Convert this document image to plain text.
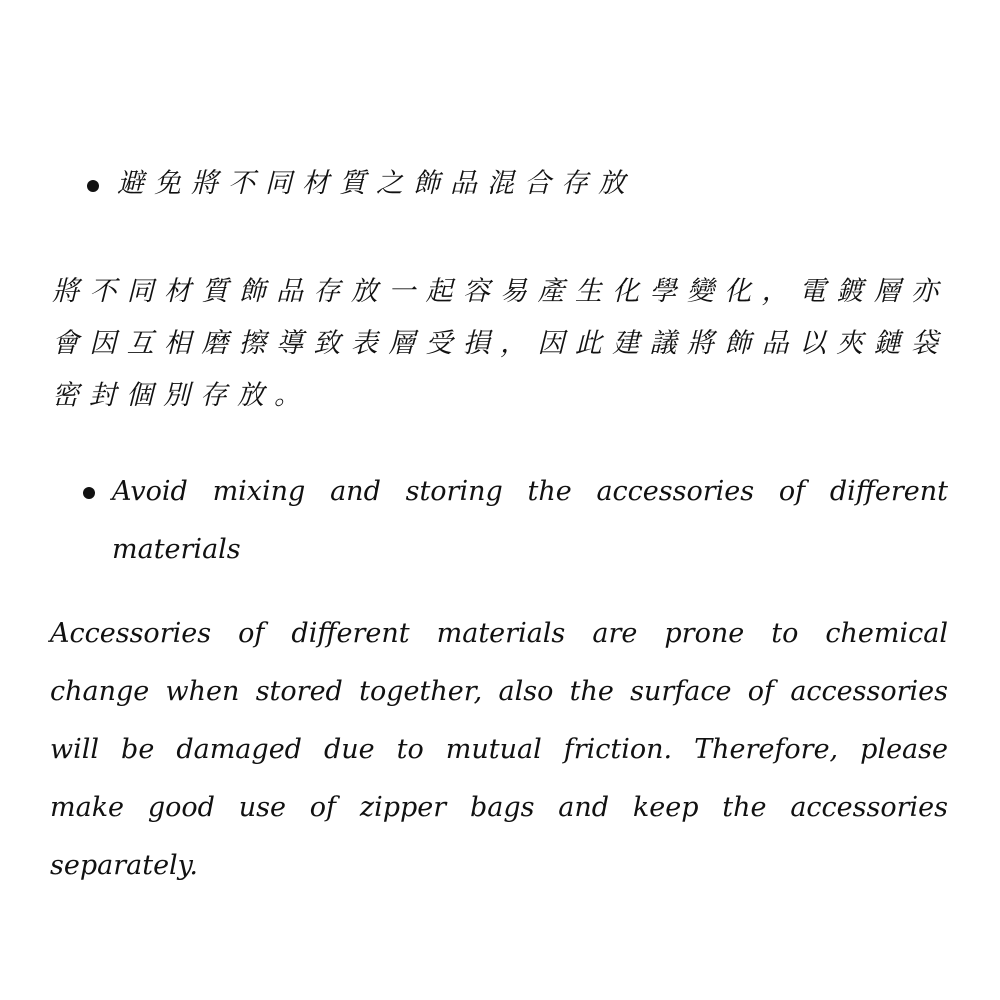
避免將不同材質之飾品混合存放

將不同材質飾品存放一起容易產生化學變化，電鍍層亦會因互相磨擦導致表層受損，因此建議將飾品以夾鏈袋密封個別存放。

Avoid mixing and storing the accessories of different materials

Accessories of different materials are prone to chemical change when stored together, also the surface of accessories will be damaged due to mutual friction. Therefore, please make good use of zipper bags and keep the accessories separately.
